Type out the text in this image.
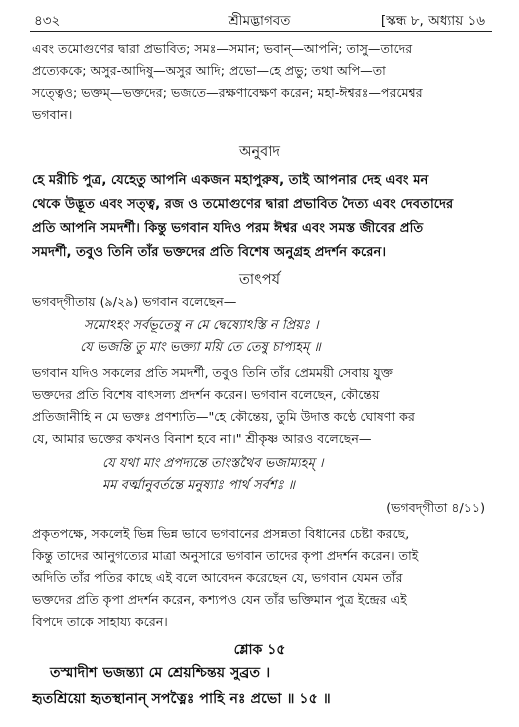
৪৩২	শ্রীমদ্ভাগবত	[স্কন্ধ ৮, অধ্যায় ১৬
এবং তমোগুণের দ্বারা প্রভাবিত; সমঃ—সমান; ভবান্‌—আপনি; তাসু—তাদের
প্রত্যেককে; অসুর-আদিষু—অসুর আদি; প্রভো—হে প্রভু; তথা অপি—তা
সত্ত্বেও; ভক্তম্‌—ভক্তদের; ভজতে—রক্ষণাবেক্ষণ করেন; মহা-ঈশ্বরঃ—পরমেশ্বর
ভগবান।
অনুবাদ
হে মরীচি পুত্র, যেহেতু আপনি একজন মহাপুরুষ, তাই আপনার দেহ এবং মন
থেকে উদ্ভূত এবং সত্ত্ব, রজ ও তমোগুণের দ্বারা প্রভাবিত দৈত্য এবং দেবতাদের
প্রতি আপনি সমদর্শী। কিন্তু ভগবান যদিও পরম ঈশ্বর এবং সমস্ত জীবের প্রতি
সমদর্শী, তবুও তিনি তাঁর ভক্তদের প্রতি বিশেষ অনুগ্রহ প্রদর্শন করেন।
তাৎপর্য
ভগবদ্‌গীতায় (৯/২৯) ভগবান বলেছেন—
সমোঽহং সর্বভূতেষু ন মে দ্বেষ্যোঽস্তি ন প্রিয়ঃ ।
যে ভজন্তি তু মাং ভক্ত্যা ময়ি তে তেষু চাপ্যহম্‌ ॥
ভগবান যদিও সকলের প্রতি সমদর্শী, তবুও তিনি তাঁর প্রেমময়ী সেবায় যুক্ত
ভক্তদের প্রতি বিশেষ বাৎসল্য প্রদর্শন করেন। ভগবান বলেছেন, কৌন্তেয়
প্রতিজানীহি ন মে ভক্তঃ প্রণশ্যতি—"হে কৌন্তেয়, তুমি উদাত্ত কণ্ঠে ঘোষণা কর
যে, আমার ভক্তের কখনও বিনাশ হবে না।" শ্রীকৃষ্ণ আরও বলেছেন—
যে যথা মাং প্রপদ্যন্তে তাংস্তথৈব ভজাম্যহম্‌ ।
মম বর্ত্মানুবর্তন্তে মনুষ্যাঃ পার্থ সর্বশঃ ॥
(ভগবদ্‌গীতা ৪/১১)
প্রকৃতপক্ষে, সকলেই ভিন্ন ভিন্ন ভাবে ভগবানের প্রসন্নতা বিধানের চেষ্টা করছে,
কিন্তু তাদের আনুগত্যের মাত্রা অনুসারে ভগবান তাদের কৃপা প্রদর্শন করেন। তাই
অদিতি তাঁর পতির কাছে এই বলে আবেদন করেছেন যে, ভগবান যেমন তাঁর
ভক্তদের প্রতি কৃপা প্রদর্শন করেন, কশ্যপও যেন তাঁর ভক্তিমান পুত্র ইন্দ্রের এই
বিপদে তাকে সাহায্য করেন।
শ্লোক ১৫
তস্মাদীশ ভজন্ত্যা মে শ্রেয়শ্চিন্তয় সুব্রত ।
হৃতশ্রিয়ো হৃতস্থানান্‌ সপত্নৈঃ পাহি নঃ প্রভো ॥ ১৫ ॥
